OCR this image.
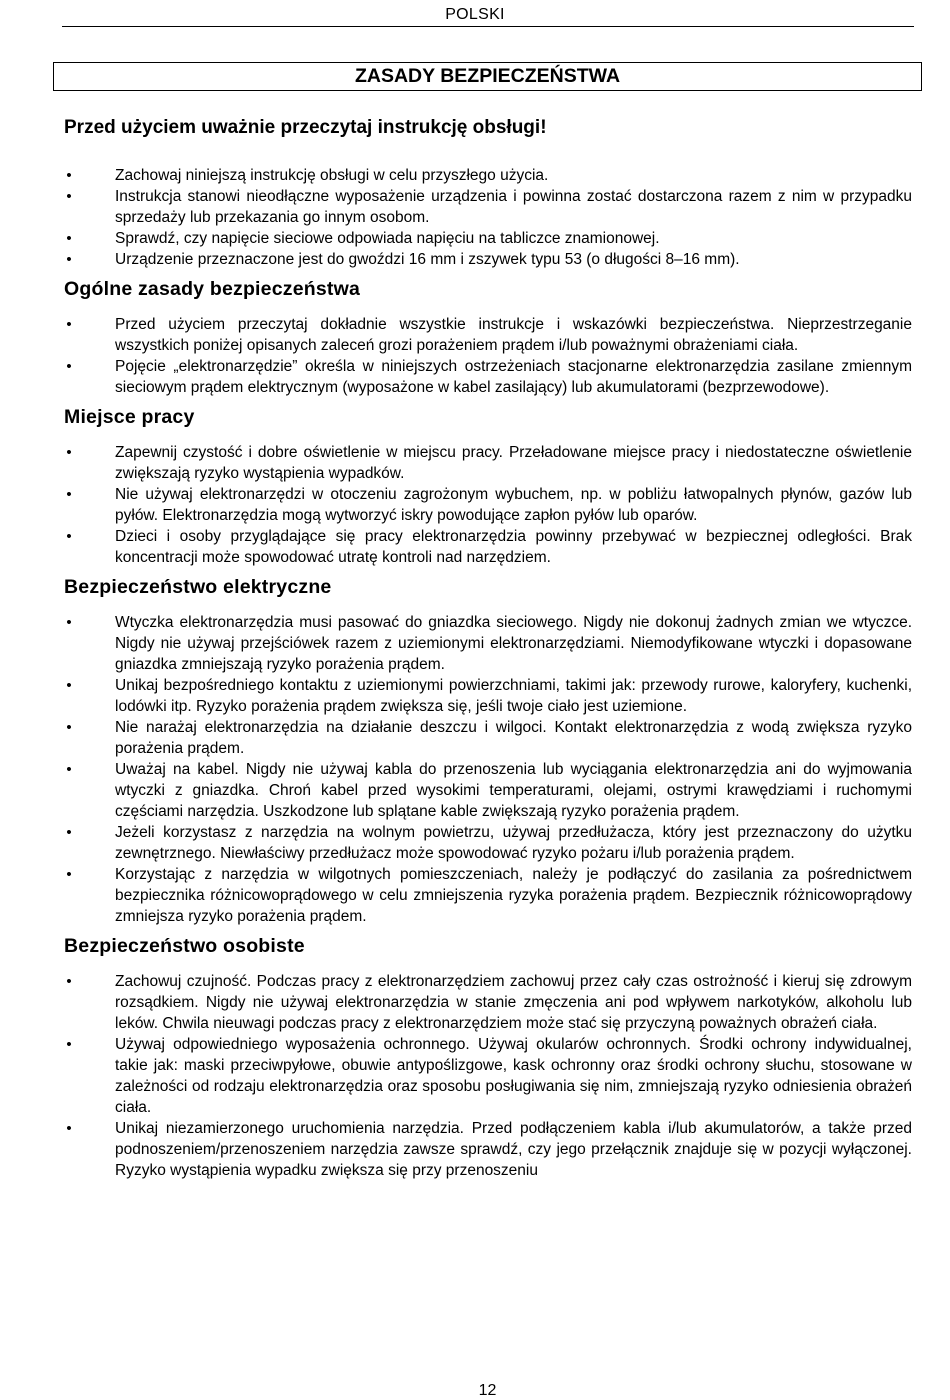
POLSKI
ZASADY BEZPIECZEŃSTWA
Przed użyciem uważnie przeczytaj instrukcję obsługi!
•	Zachowaj niniejszą instrukcję obsługi w celu przyszłego użycia.
•	Instrukcja stanowi nieodłączne wyposażenie urządzenia i powinna zostać dostarczona razem z nim w przypadku sprzedaży lub przekazania go innym osobom.
•	Sprawdź, czy napięcie sieciowe odpowiada napięciu na tabliczce znamionowej.
•	Urządzenie przeznaczone jest do gwoździ 16 mm i zszywek typu 53 (o długości 8–16 mm).
Ogólne zasady bezpieczeństwa
•	Przed użyciem przeczytaj dokładnie wszystkie instrukcje i wskazówki bezpieczeństwa. Nieprzestrzeganie wszystkich poniżej opisanych zaleceń grozi porażeniem prądem i/lub poważnymi obrażeniami ciała.
•	Pojęcie „elektronarzędzie” określa w niniejszych ostrzeżeniach stacjonarne elektronarzędzia zasilane zmiennym sieciowym prądem elektrycznym (wyposażone w kabel zasilający) lub akumulatorami (bezprzewodowe).
Miejsce pracy
•	Zapewnij czystość i dobre oświetlenie w miejscu pracy. Przeładowane miejsce pracy i niedostateczne oświetlenie zwiększają ryzyko wystąpienia wypadków.
•	Nie używaj elektronarzędzi w otoczeniu zagrożonym wybuchem, np. w pobliżu łatwopalnych płynów, gazów lub pyłów. Elektronarzędzia mogą wytworzyć iskry powodujące zapłon pyłów lub oparów.
•	Dzieci i osoby przyglądające się pracy elektronarzędzia powinny przebywać w bezpiecznej odległości. Brak koncentracji może spowodować utratę kontroli nad narzędziem.
Bezpieczeństwo elektryczne
•	Wtyczka elektronarzędzia musi pasować do gniazdka sieciowego. Nigdy nie dokonuj żadnych zmian we wtyczce. Nigdy nie używaj przejściówek razem z uziemionymi elektronarzędziami. Niemodyfikowane wtyczki i dopasowane gniazdka zmniejszają ryzyko porażenia prądem.
•	Unikaj bezpośredniego kontaktu z uziemionymi powierzchniami, takimi jak: przewody rurowe, kaloryfery, kuchenki, lodówki itp. Ryzyko porażenia prądem zwiększa się, jeśli twoje ciało jest uziemione.
•	Nie narażaj elektronarzędzia na działanie deszczu i wilgoci. Kontakt elektronarzędzia z wodą zwiększa ryzyko porażenia prądem.
•	Uważaj na kabel. Nigdy nie używaj kabla do przenoszenia lub wyciągania elektronarzędzia ani do wyjmowania wtyczki z gniazdka. Chroń kabel przed wysokimi temperaturami, olejami, ostrymi krawędziami i ruchomymi częściami narzędzia. Uszkodzone lub splątane kable zwiększają ryzyko porażenia prądem.
•	Jeżeli korzystasz z narzędzia na wolnym powietrzu, używaj przedłużacza, który jest przeznaczony do użytku zewnętrznego. Niewłaściwy przedłużacz może spowodować ryzyko pożaru i/lub porażenia prądem.
•	Korzystając z narzędzia w wilgotnych pomieszczeniach, należy je podłączyć do zasilania za pośrednictwem bezpiecznika różnicowoprądowego w celu zmniejszenia ryzyka porażenia prądem. Bezpiecznik różnicowoprądowy zmniejsza ryzyko porażenia prądem.
Bezpieczeństwo osobiste
•	Zachowuj czujność. Podczas pracy z elektronarzędziem zachowuj przez cały czas ostrożność i kieruj się zdrowym rozsądkiem. Nigdy nie używaj elektronarzędzia w stanie zmęczenia ani pod wpływem narkotyków, alkoholu lub leków. Chwila nieuwagi podczas pracy z elektronarzędziem może stać się przyczyną poważnych obrażeń ciała.
•	Używaj odpowiedniego wyposażenia ochronnego. Używaj okularów ochronnych. Środki ochrony indywidualnej, takie jak: maski przeciwpyłowe, obuwie antypoślizgowe, kask ochronny oraz środki ochrony słuchu, stosowane w zależności od rodzaju elektronarzędzia oraz sposobu posługiwania się nim, zmniejszają ryzyko odniesienia obrażeń ciała.
•	Unikaj niezamierzonego uruchomienia narzędzia. Przed podłączeniem kabla i/lub akumulatorów, a także przed podnoszeniem/przenoszeniem narzędzia zawsze sprawdź, czy jego przełącznik znajduje się w pozycji wyłączonej. Ryzyko wystąpienia wypadku zwiększa się przy przenoszeniu
12
